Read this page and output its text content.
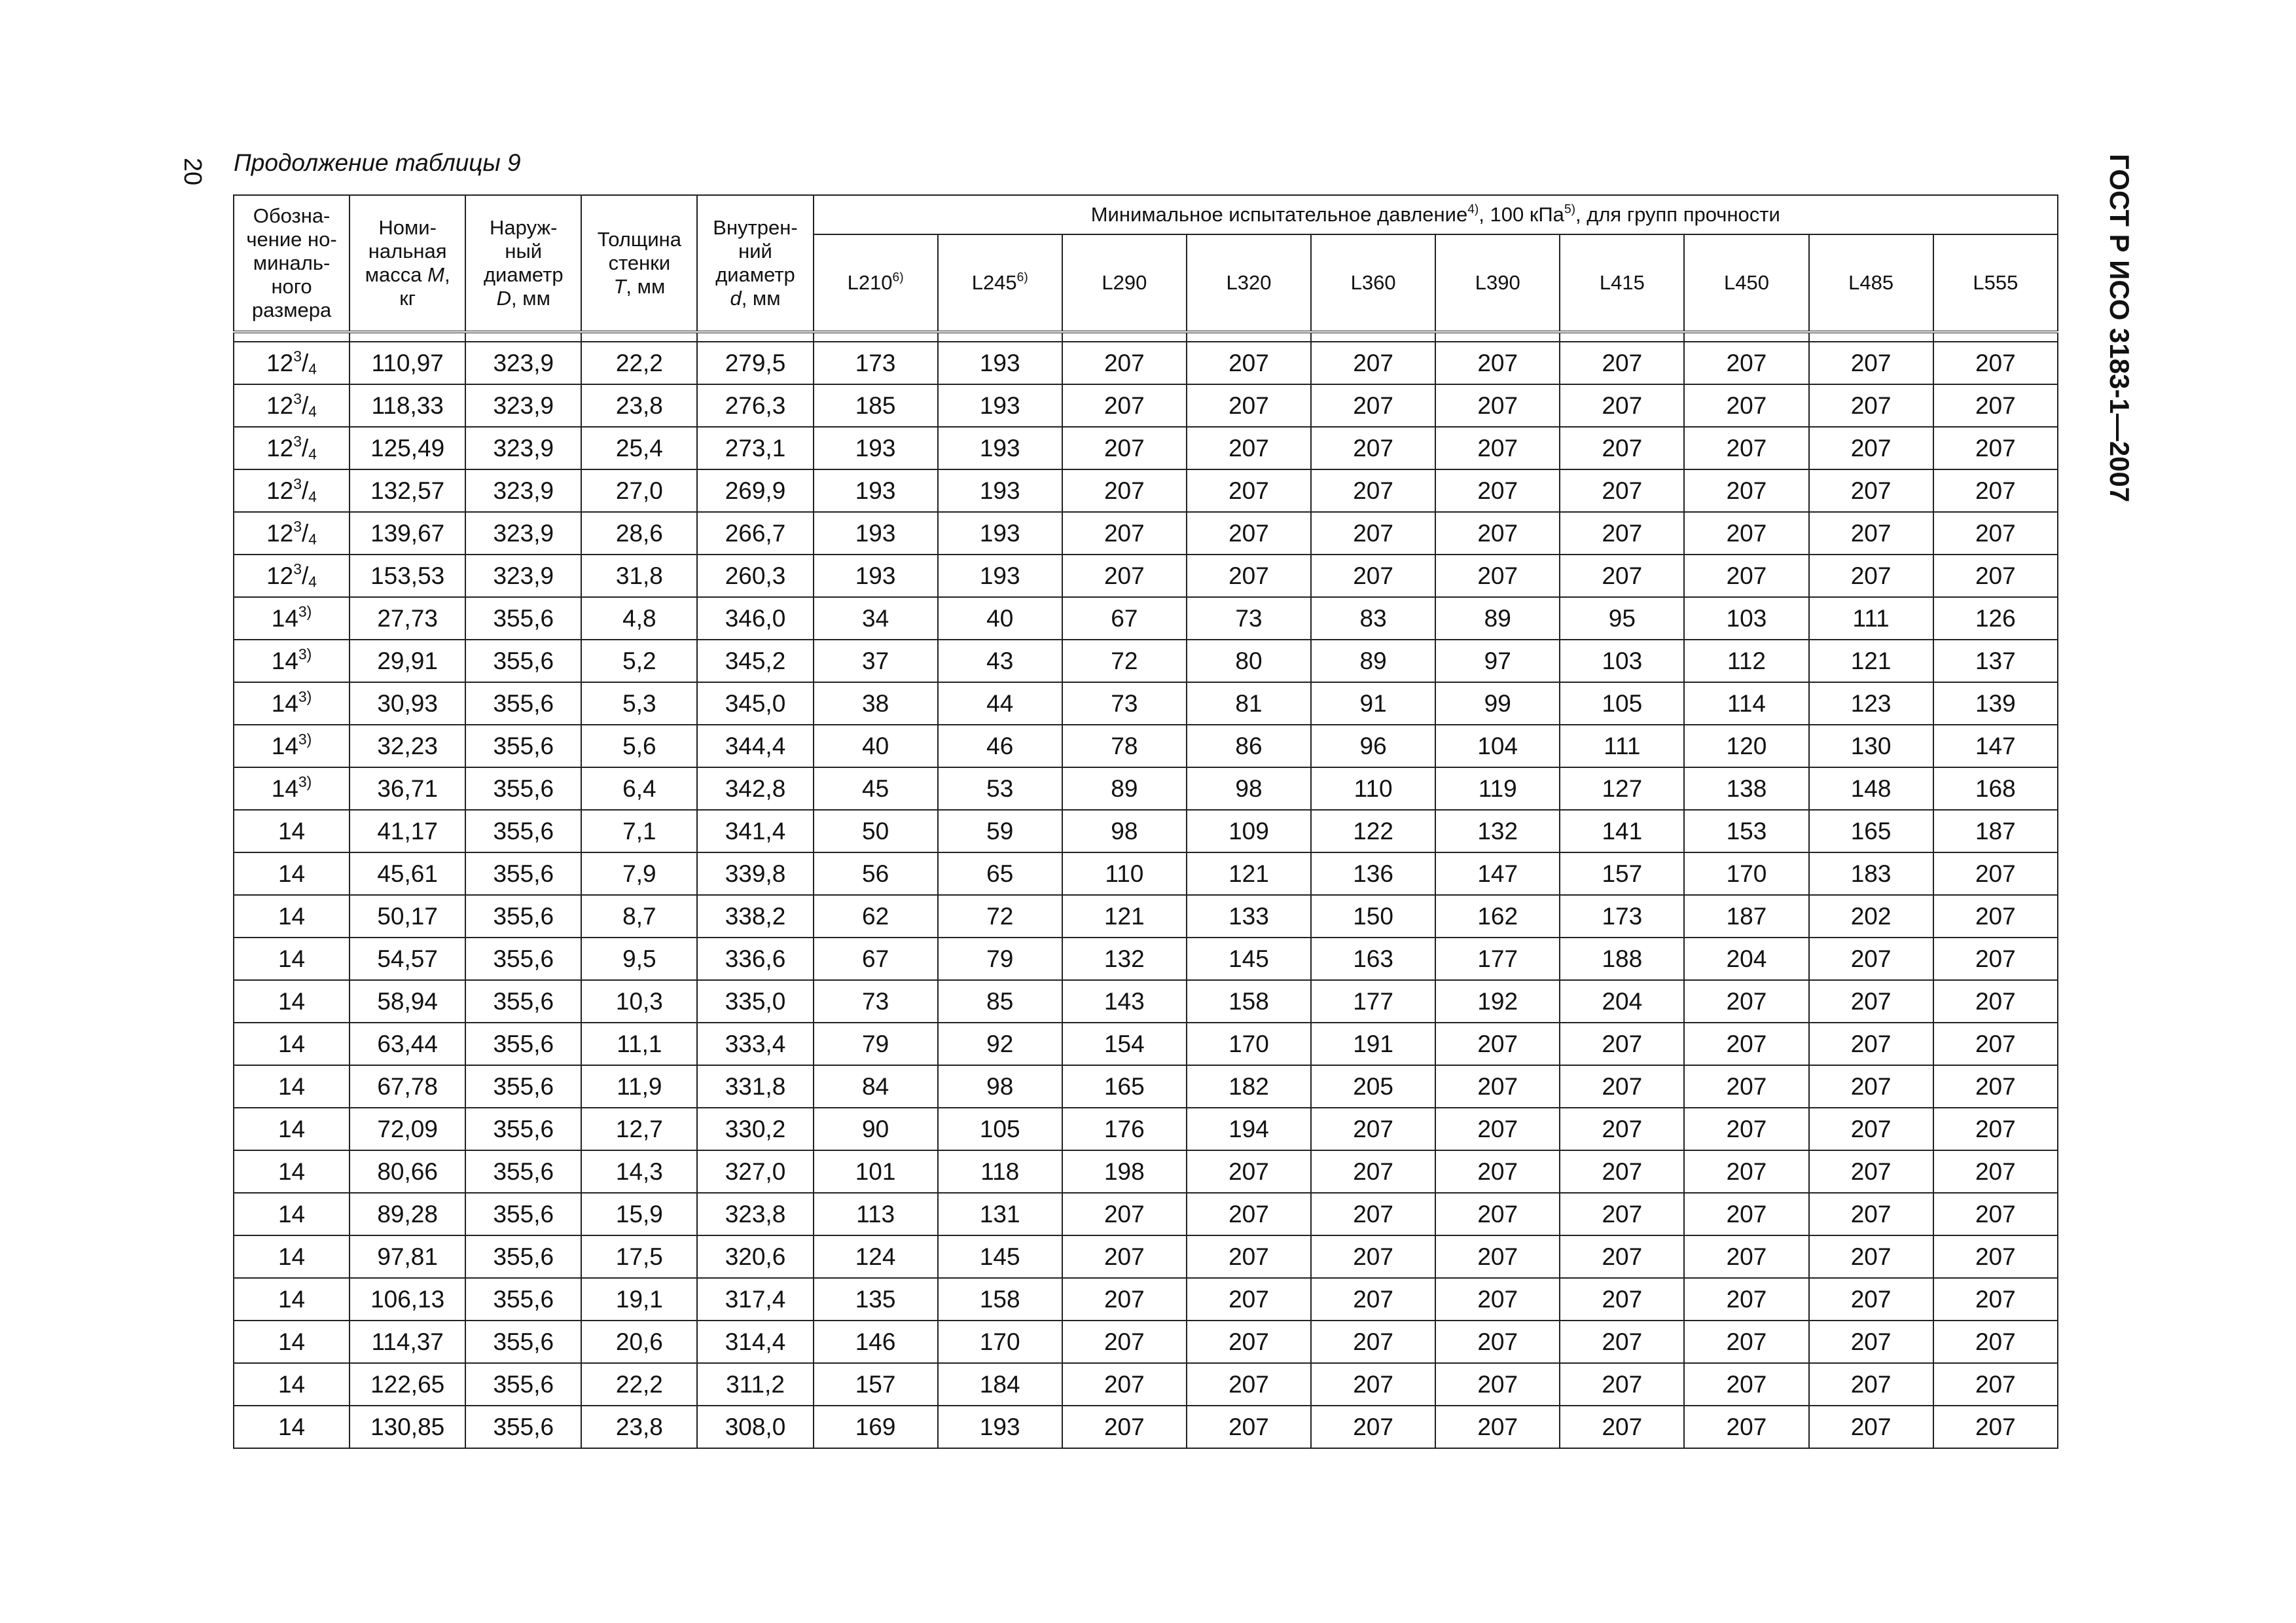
20 Продолжение таблицы 9	ГОСТ Р ИСО 3183-1—2007
Обозна-
чение но-
миналь-
ного
размера	Номи-
нальная
масса M,
кг	Наруж-
ный
диаметр
D, мм	Толщина
стенки
T, мм	Внутрен-
ний
диаметр
d, мм	Минимальное испытательное давление$^{4)}$, 100 кПа$^{5)}$, для групп прочности									
					L210$^{6)}$	L245$^{6)}$	L290	L320	L360	L390	L415	L450	L485	L555

$12^3/_4$	110,97	323,9	22,2	279,5	173	193	207	207	207	207	207	207	207	207
$12^3/_4$	118,33	323,9	23,8	276,3	185	193	207	207	207	207	207	207	207	207
$12^3/_4$	125,49	323,9	25,4	273,1	193	193	207	207	207	207	207	207	207	207
$12^3/_4$	132,57	323,9	27,0	269,9	193	193	207	207	207	207	207	207	207	207
$12^3/_4$	139,67	323,9	28,6	266,7	193	193	207	207	207	207	207	207	207	207
$12^3/_4$	153,53	323,9	31,8	260,3	193	193	207	207	207	207	207	207	207	207
14$^{3)}$	27,73	355,6	4,8	346,0	34	40	67	73	83	89	95	103	111	126
14$^{3)}$	29,91	355,6	5,2	345,2	37	43	72	80	89	97	103	112	121	137
14$^{3)}$	30,93	355,6	5,3	345,0	38	44	73	81	91	99	105	114	123	139
14$^{3)}$	32,23	355,6	5,6	344,4	40	46	78	86	96	104	111	120	130	147
14$^{3)}$	36,71	355,6	6,4	342,8	45	53	89	98	110	119	127	138	148	168
14	41,17	355,6	7,1	341,4	50	59	98	109	122	132	141	153	165	187
14	45,61	355,6	7,9	339,8	56	65	110	121	136	147	157	170	183	207
14	50,17	355,6	8,7	338,2	62	72	121	133	150	162	173	187	202	207
14	54,57	355,6	9,5	336,6	67	79	132	145	163	177	188	204	207	207
14	58,94	355,6	10,3	335,0	73	85	143	158	177	192	204	207	207	207
14	63,44	355,6	11,1	333,4	79	92	154	170	191	207	207	207	207	207
14	67,78	355,6	11,9	331,8	84	98	165	182	205	207	207	207	207	207
14	72,09	355,6	12,7	330,2	90	105	176	194	207	207	207	207	207	207
14	80,66	355,6	14,3	327,0	101	118	198	207	207	207	207	207	207	207
14	89,28	355,6	15,9	323,8	113	131	207	207	207	207	207	207	207	207
14	97,81	355,6	17,5	320,6	124	145	207	207	207	207	207	207	207	207
14	106,13	355,6	19,1	317,4	135	158	207	207	207	207	207	207	207	207
14	114,37	355,6	20,6	314,4	146	170	207	207	207	207	207	207	207	207
14	122,65	355,6	22,2	311,2	157	184	207	207	207	207	207	207	207	207
14	130,85	355,6	23,8	308,0	169	193	207	207	207	207	207	207	207	207
